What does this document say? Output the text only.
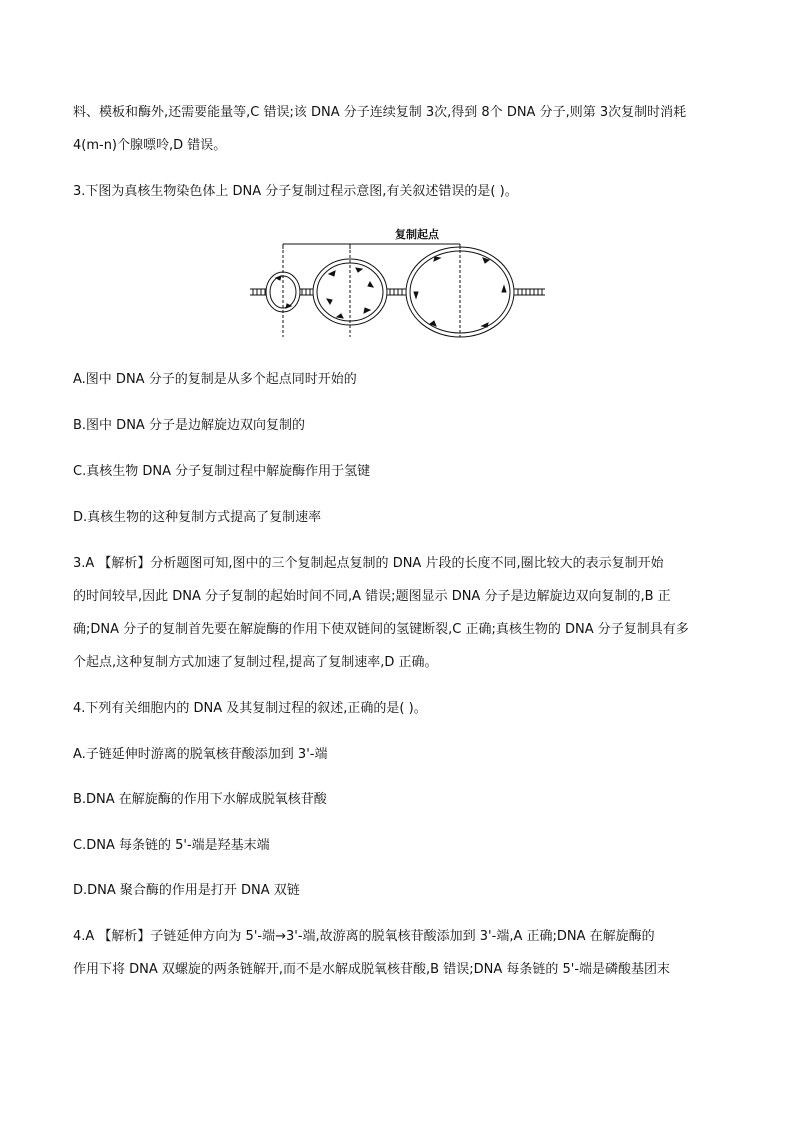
料、模板和酶外,还需要能量等,C 错误;该 DNA 分子连续复制 3次,得到 8个 DNA 分子,则第 3次复制时消耗
4(m-n)个腺嘌呤,D 错误。
3.下图为真核生物染色体上 DNA 分子复制过程示意图,有关叙述错误的是( )。
复制起点
A.图中 DNA 分子的复制是从多个起点同时开始的
B.图中 DNA 分子是边解旋边双向复制的
C.真核生物 DNA 分子复制过程中解旋酶作用于氢键
D.真核生物的这种复制方式提高了复制速率
3.A 【解析】分析题图可知,图中的三个复制起点复制的 DNA 片段的长度不同,圈比较大的表示复制开始
的时间较早,因此 DNA 分子复制的起始时间不同,A 错误;题图显示 DNA 分子是边解旋边双向复制的,B 正
确;DNA 分子的复制首先要在解旋酶的作用下使双链间的氢键断裂,C 正确;真核生物的 DNA 分子复制具有多
个起点,这种复制方式加速了复制过程,提高了复制速率,D 正确。
4.下列有关细胞内的 DNA 及其复制过程的叙述,正确的是( )。
A.子链延伸时游离的脱氧核苷酸添加到 3'-端
B.DNA 在解旋酶的作用下水解成脱氧核苷酸
C.DNA 每条链的 5'-端是羟基末端
D.DNA 聚合酶的作用是打开 DNA 双链
4.A 【解析】子链延伸方向为 5'-端→3'-端,故游离的脱氧核苷酸添加到 3'-端,A 正确;DNA 在解旋酶的
作用下将 DNA 双螺旋的两条链解开,而不是水解成脱氧核苷酸,B 错误;DNA 每条链的 5'-端是磷酸基团末
